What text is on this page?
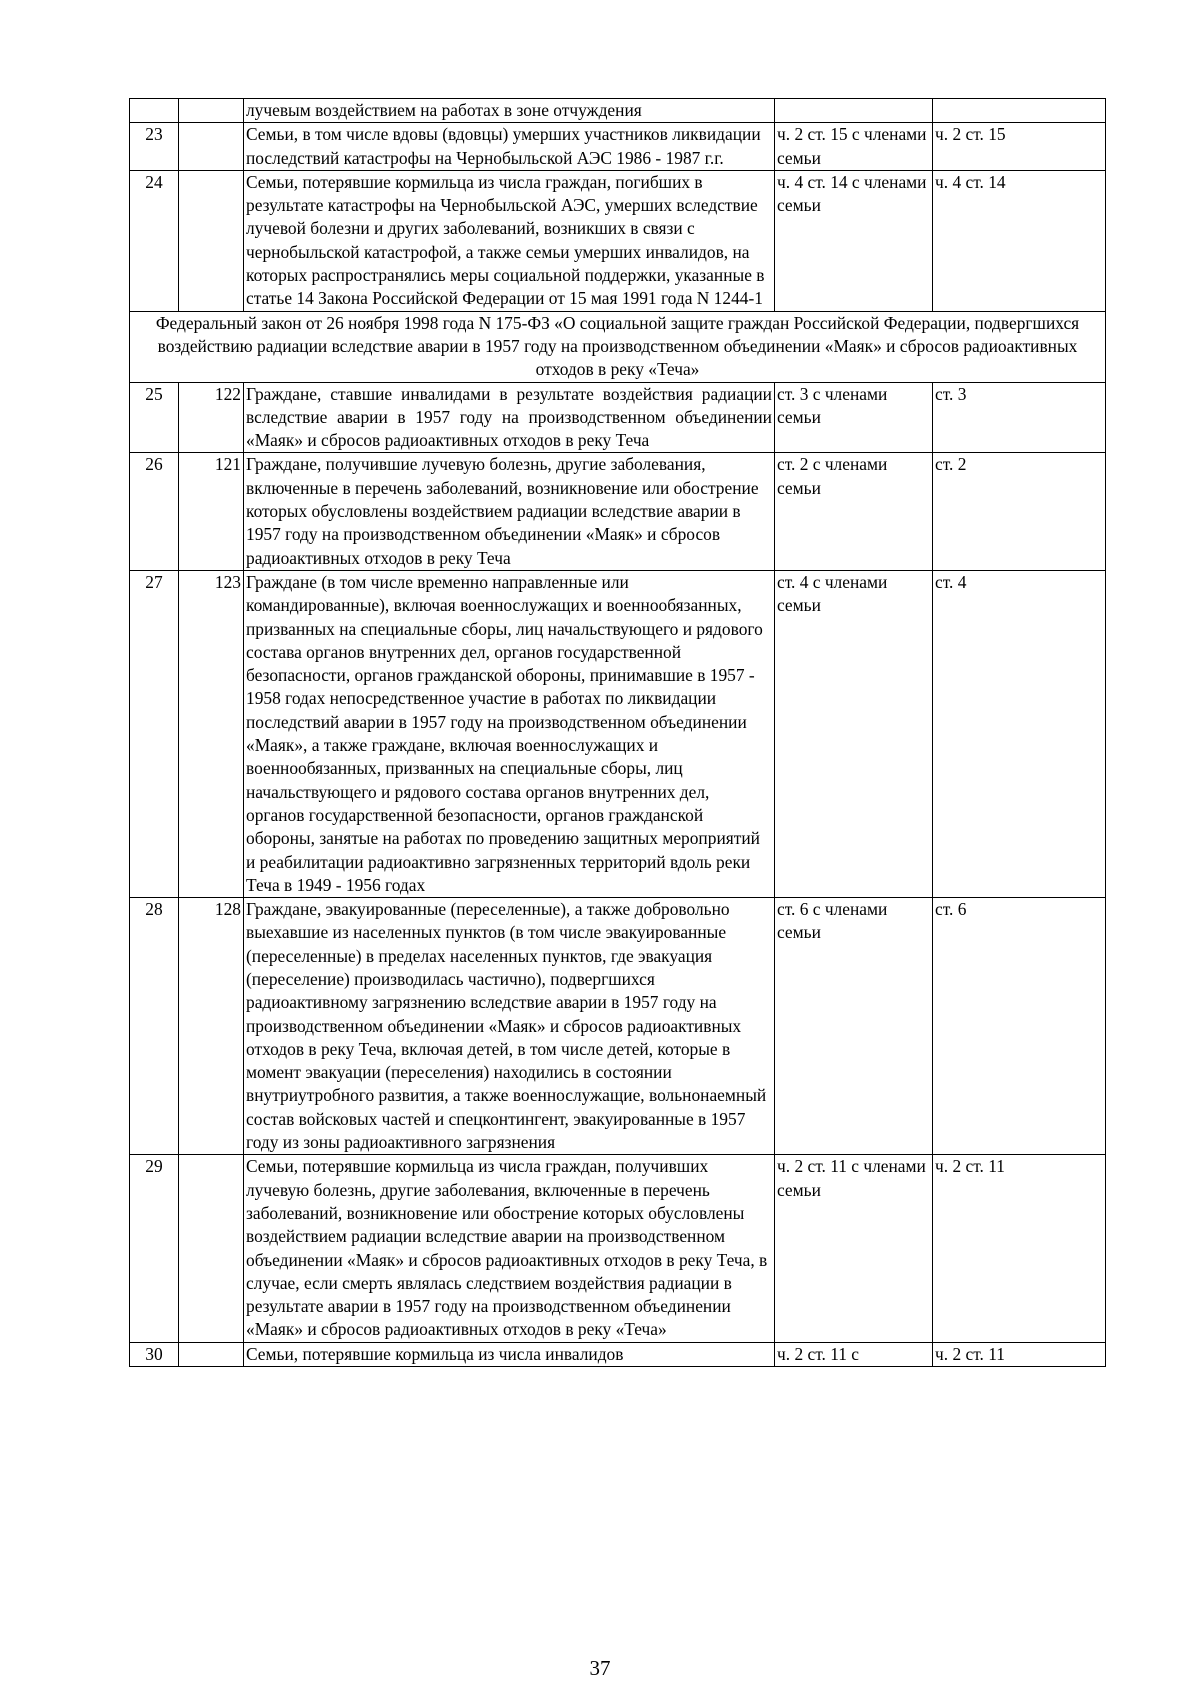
		лучевым воздействием на работах в зоне отчуждения		
23		Семьи, в том числе вдовы (вдовцы) умерших участников ликвидации последствий катастрофы на Чернобыльской АЭС 1986 - 1987 г.г.	ч. 2 ст. 15 с членами семьи	ч. 2 ст. 15
24		Семьи, потерявшие кормильца из числа граждан, погибших в результате катастрофы на Чернобыльской АЭС, умерших вследствие лучевой болезни и других заболеваний, возникших в связи с чернобыльской катастрофой, а также семьи умерших инвалидов, на которых распространялись меры социальной поддержки, указанные в статье 14 Закона Российской Федерации от 15 мая 1991 года N 1244-1	ч. 4 ст. 14 с членами семьи	ч. 4 ст. 14
Федеральный закон от 26 ноября 1998 года N 175-ФЗ «О социальной защите граждан Российской Федерации, подвергшихся воздействию радиации вследствие аварии в 1957 году на производственном объединении «Маяк» и сбросов радиоактивных отходов в реку «Теча»				
25	122	Граждане, ставшие инвалидами в результате воздействия радиации вследствие аварии в 1957 году на производственном объединении «Маяк» и сбросов радиоактивных отходов в реку Теча	ст. 3 с членами семьи	ст. 3
26	121	Граждане, получившие лучевую болезнь, другие заболевания, включенные в перечень заболеваний, возникновение или обострение которых обусловлены воздействием радиации вследствие аварии в 1957 году на производственном объединении «Маяк» и сбросов радиоактивных отходов в реку Теча	ст. 2 с членами семьи	ст. 2
27	123	Граждане (в том числе временно направленные или командированные), включая военнослужащих и военнообязанных, призванных на специальные сборы, лиц начальствующего и рядового состава органов внутренних дел, органов государственной безопасности, органов гражданской обороны, принимавшие в 1957 - 1958 годах непосредственное участие в работах по ликвидации последствий аварии в 1957 году на производственном объединении «Маяк», а также граждане, включая военнослужащих и военнообязанных, призванных на специальные сборы, лиц начальствующего и рядового состава органов внутренних дел, органов государственной безопасности, органов гражданской обороны, занятые на работах по проведению защитных мероприятий и реабилитации радиоактивно загрязненных территорий вдоль реки Теча в 1949 - 1956 годах	ст. 4 с членами семьи	ст. 4
28	128	Граждане, эвакуированные (переселенные), а также добровольно выехавшие из населенных пунктов (в том числе эвакуированные (переселенные) в пределах населенных пунктов, где эвакуация (переселение) производилась частично), подвергшихся радиоактивному загрязнению вследствие аварии в 1957 году на производственном объединении «Маяк» и сбросов радиоактивных отходов в реку Теча, включая детей, в том числе детей, которые в момент эвакуации (переселения) находились в состоянии внутриутробного развития, а также военнослужащие, вольнонаемный состав войсковых частей и спецконтингент, эвакуированные в 1957 году из зоны радиоактивного загрязнения	ст. 6 с членами семьи	ст. 6
29		Семьи, потерявшие кормильца из числа граждан, получивших лучевую болезнь, другие заболевания, включенные в перечень заболеваний, возникновение или обострение которых обусловлены воздействием радиации вследствие аварии на производственном объединении «Маяк» и сбросов радиоактивных отходов в реку Теча, в случае, если смерть являлась следствием воздействия радиации в результате аварии в 1957 году на производственном объединении «Маяк» и сбросов радиоактивных отходов в реку «Теча»	ч. 2 ст. 11 с членами семьи	ч. 2 ст. 11
30		Семьи, потерявшие кормильца из числа инвалидов	ч. 2 ст. 11 с	ч. 2 ст. 11
37
